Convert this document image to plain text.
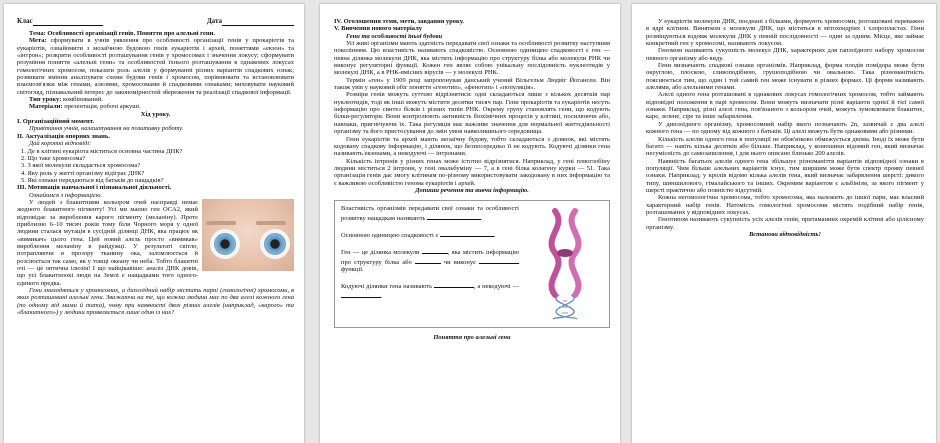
Клас	Дата

Тема: Особливості організації генів. Поняття про алельні гени.

Мета: сформувати в учнів уявлення про особливості організації генів у прокаріотів та еукаріотів, ознайомити з мозаїчною будовою генів еукаріотів і архей, поняттями «екзон» та «інтрон»; розкрити особливості розташування генів у хромосомах і значення локусу; сформувати розуміння поняття «алельні гени» та особливостей їхнього розташування в однакових локусах гомологічних хромосом, показати роль алелів у формуванні різних варіантів спадкових ознак; розвивати вміння аналізувати схеми будови генів і хромосом, порівнювати та встановлювати взаємозв'язки між генами, алелями, хромосомами й спадковими ознаками; виховувати науковий світогляд, пізнавальний інтерес до закономірностей збереження та реалізації спадкової інформації.

Тип уроку: комбінований.

Матеріали: презентація, робочі аркуші.

Хід уроку.

І. Організаційний момент.

Привітання учнів, налаштування на позитивну роботу.

ІІ. Актуалізація опорних знань.

Дай короткі відповіді:

1. Де в клітині еукаріота міститься основна частина ДНК?
2. Що таке хромосома?
3. З якої молекули складається хромосома?
4. Яку роль у житті організму відіграє ДНК?
5. Які ознаки передаються від батьків до нащадків?

ІІІ. Мотивація навчальної і пізнавальної діяльності.

Ознайомся з інформацією.

У людей з блакитними кольором очей насправді немає жодного блакитного пігменту! Усі ми маємо ген OCA2, який відповідає за вироблення карого пігменту (меланіну). Проте приблизно 6–10 тисяч років тому біля Чорного моря у одної людини сталася мутація в сусідній ділянці ДНК, яка працює як «вимикач» цього гена. Цей новий алель просто «вимикав» вироблення меланіну в райдужці. У результаті світло, потрапляючи в прозору тканину ока, заломлюється й розсіюється так само, як у товщі океану чи неба. Тобто блакитні очі — це оптична ілюзія! І що найцікавіше: аналіз ДНК довів, що усі блакитноокі люди на Землі є нащадками того одного-єдиного предка.

Гени знаходяться у хромосомах, а диплоїдний набір містить парні (гомологічні) хромосоми, в яких розташовані алельні гени. Зважаючи на те, що кожна людина має по два алелі кожного гена (по одному від мами й тата), чому при наявності двох різних алелів (наприклад, «карого» та «блакитного») у людини проявляється лише один із них?

IV. Оголошення теми, мети, завдання уроку.

V. Вивчення нового матеріалу

Гени та особливості їньої будови

Усі живі організми мають здатність передавати свої ознаки та особливості розвитку наступним поколінням. Цю властивість називають спадковістю. Основною одиницею спадковості є ген — певна ділянка молекули ДНК, яка містить інформацію про структуру білка або молекули РНК чи виконує регуляторні функції. Кожен ген являє собою унікальну послідовність нуклеотидів у молекулі ДНК, а в РНК-вмісних вірусів — у молекулі РНК.

Термін «ген» у 1909 році запропонував данський учений Вільгельм Людвіг Йогансен. Він також увів у науковий обіг поняття «генотип», «фенотип» і «популяція».

Розміри генів можуть суттєво відрізнятися: одні складаються лише з кількох десятків пар нуклеотидів, тоді як інші можуть містити десятки тисяч пар. Гени прокаріотів та еукаріотів несуть інформацію про синтез білків і різних типів РНК. Окрему групу становлять гени, що кодують білки-регулятори. Вони контролюють активність біохімічних процесів у клітині, посилюючи або, навпаки, пригнічуючи їх. Така регуляція має важливе значення для нормальної життєдіяльності організму та його пристосування до змін умов навколишнього середовища.

Гени еукаріотів та архей мають мозаїчну будову, тобто складаються з ділянок, які містять кодовану спадкову інформацію, і ділянок, що безпосередньо її не кодують. Кодуючі ділянки гена називають екзонами, а некодуючі — інтронами.

Кількість інтронів у різних генах може істотно відрізнятися. Наприклад, у гені гемоглобіну людини міститься 2 інтрони, у гені овальбуміну — 7, а в гені білка колагену курки — 51. Така організація генів дає змогу клітинам по-різному використовувати закодовану в них інформацію та є важливою особливістю генома еукаріотів і архей.

Допиши речення та вивчи інформацію.

Властивість організмів передавати свої ознаки та особливості розвитку нащадкам називають	.

Основною одиницею спадковості є	.

Ген — це ділянка молекули	, яка містить інформацію про структуру білка або	чи виконує  функції.

Кодуючі ділянки гена називають	, а некодуючі — .

Поняття про алельні гени

У еукаріотів молекули ДНК, поєднані з білками, формують хромосоми, розташовані переважно в ядрі клітини. Винятком є молекули ДНК, що містяться в мітохондріях і хлоропластах. Гени розміщуються вздовж молекули ДНК у певній послідовності — один за одним. Місце, яке займає конкретний ген у хромосомі, називають локусом.

Геномом називають сукупність молекул ДНК, характерних для гаплоїдного набору хромосом певного організму або виду.

Гени визначають спадкові ознаки організмів. Наприклад, форма плодів помідора може бути округлою, плоскою, сливоподібною, грушоподібною чи овальною. Така різноманітність пояснюється тим, що один і той самий ген може існувати в різних формах. Ці форми називають алелями, або алельними генами.

Алелі одного гена розташовані в однакових локусах гомологічних хромосом, тобто займають відповідні положення в парі хромосом. Вони можуть визначати різні варіанти однієї й тієї самої ознаки. Наприклад, різні алелі гена, пов'язаного з кольором очей, можуть зумовлювати блакитне, каре, зелене, сіре та інше забарвлення.

У диплоїдного організму, хромосомний набір якого позначають 2n, зазвичай є два алелі кожного гена — по одному від кожного з батьків. Ці алелі можуть бути однаковими або різними.

Кількість алелів одного гена в популяції не обов'язково обмежується двома. Іноді їх може бути багато — навіть кілька десятків або більше. Наприклад, у конюшини відомий ген, який визначає несумісність до самозапилення, і для нього описано близько 200 алелів.

Наявність багатьох алелів одного гена збільшує різноманіття варіантів відповідної ознаки в популяції. Чим більше алельних варіантів існує, тим ширшим може бути спектр прояву певної ознаки. Наприклад, у кролів відомо кілька алелів гена, який визначає забарвлення шерсті: дикого типу, шиншилового, гімалайського та інших. Окремим варіантом є альбінізм, за якого пігмент у шерсті практично або повністю відсутній.

Кожна негомологічна хромосома, тобто хромосома, яка належить до іншої пари, має власний характерний набір генів. Натомість гомологічні хромосоми містять подібний набір генів, розташованих у відповідних локусах.

Генотипом називають сукупність усіх алелів генів, притаманних окремій клітині або цілісному організму.

Встанови відповідність!
